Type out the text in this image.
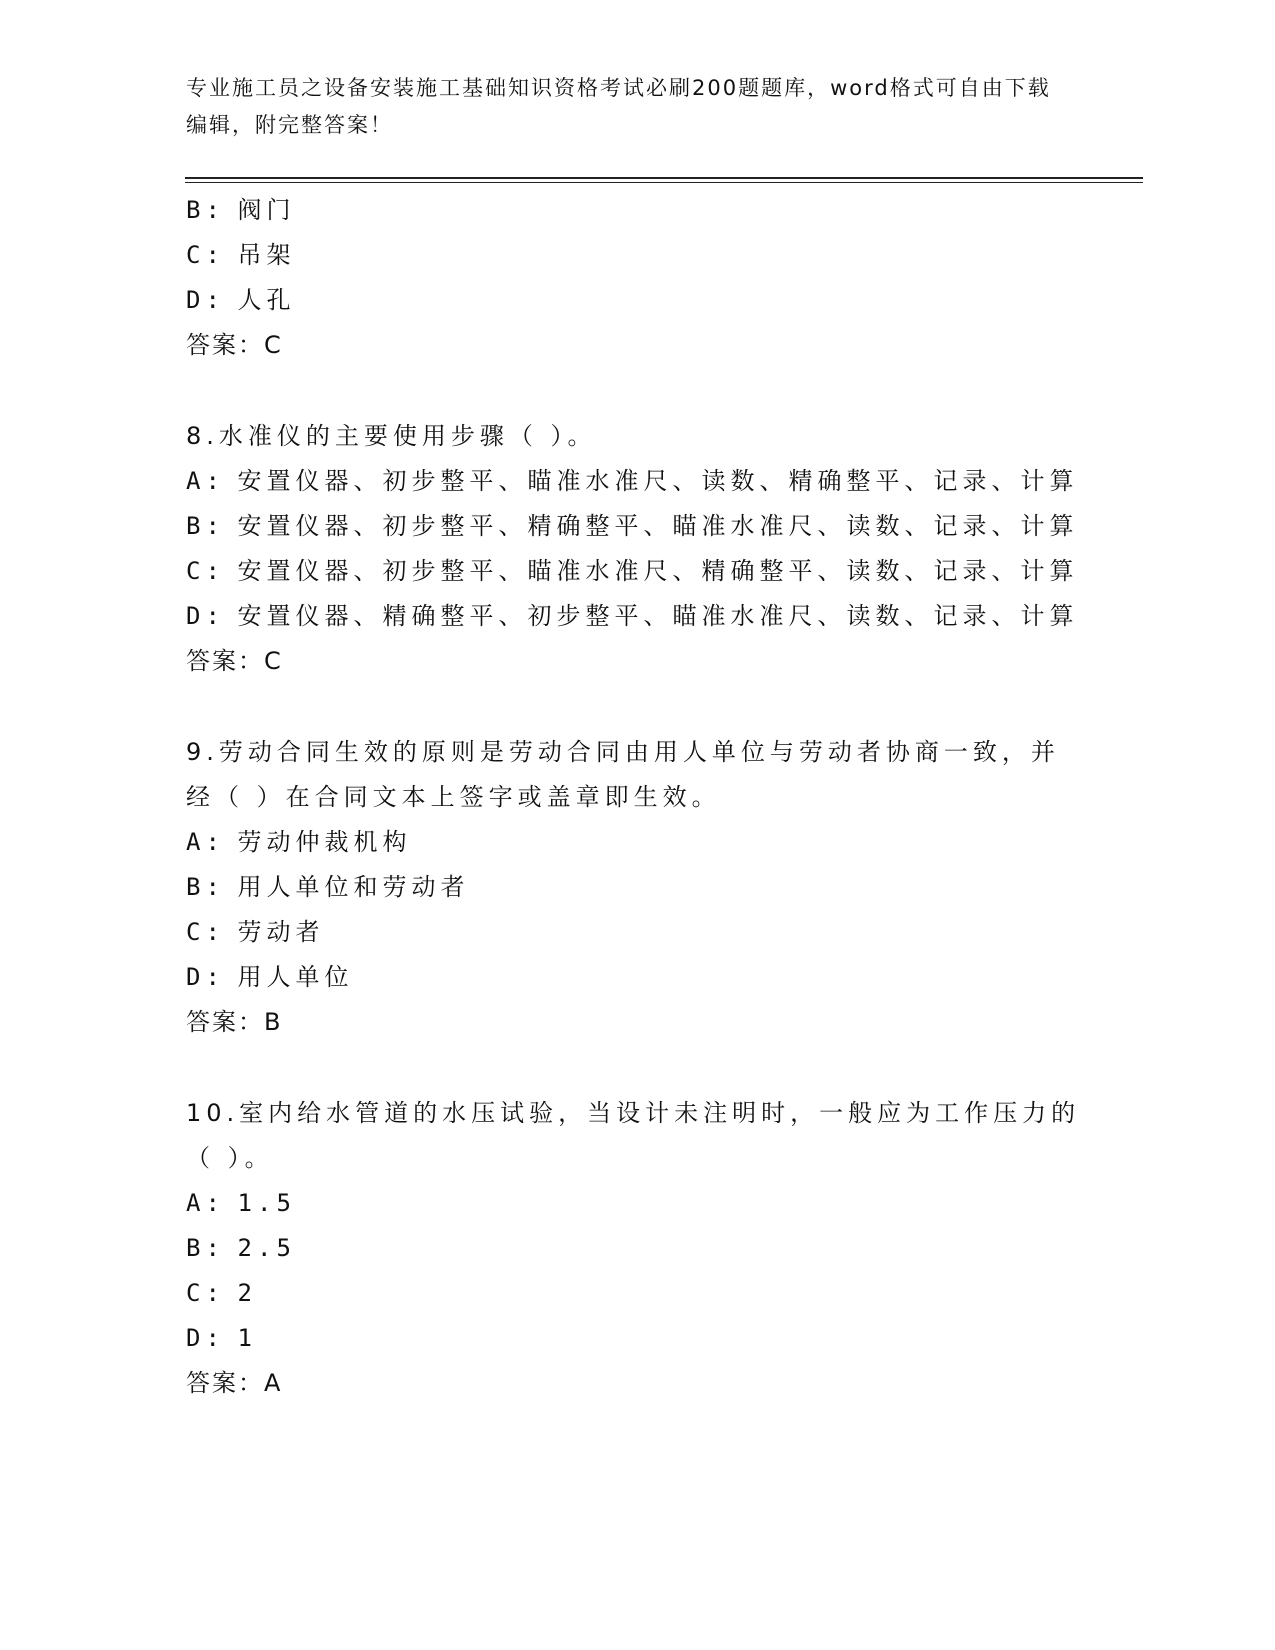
专业施工员之设备安装施工基础知识资格考试必刷200题题库，word格式可自由下载编辑，附完整答案！
B: 阀门
C: 吊架
D: 人孔
答案：C
8.水准仪的主要使用步骤（ ）。
A: 安置仪器、初步整平、瞄准水准尺、读数、精确整平、记录、计算
B: 安置仪器、初步整平、精确整平、瞄准水准尺、读数、记录、计算
C: 安置仪器、初步整平、瞄准水准尺、精确整平、读数、记录、计算
D: 安置仪器、精确整平、初步整平、瞄准水准尺、读数、记录、计算
答案：C
9.劳动合同生效的原则是劳动合同由用人单位与劳动者协商一致，并
经（ ）在合同文本上签字或盖章即生效。
A: 劳动仲裁机构
B: 用人单位和劳动者
C: 劳动者
D: 用人单位
答案：B
10.室内给水管道的水压试验，当设计未注明时，一般应为工作压力的
（ ）。
A: 1.5
B: 2.5
C: 2
D: 1
答案：A
